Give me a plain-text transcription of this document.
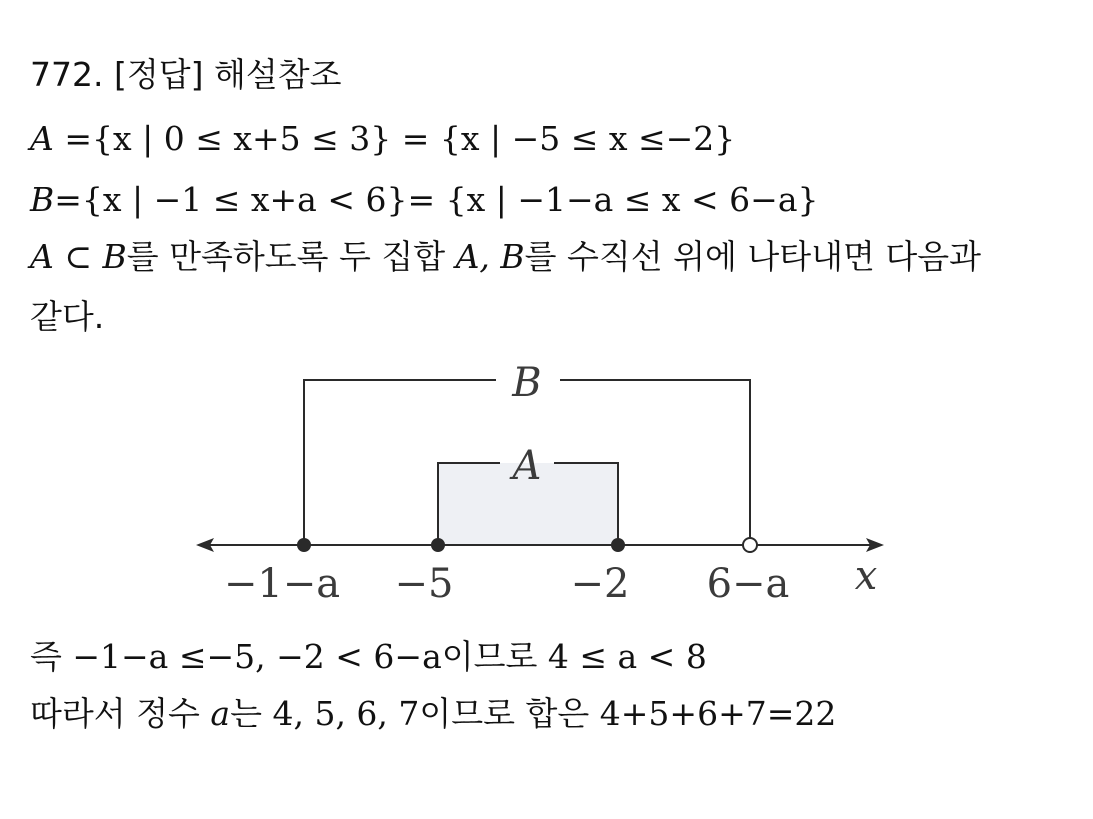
772. [정답] 해설참조
A ={x | 0 ≤ x+5 ≤ 3} = {x | −5 ≤ x ≤−2}
B={x | −1 ≤ x+a < 6}= {x | −1−a ≤ x < 6−a}
A ⊂ B를 만족하도록 두 집합 A, B를 수직선 위에 나타내면 다음과
같다.
B
A
−1−a −5	−2 6−a x
즉 −1−a ≤−5, −2 < 6−a이므로 4 ≤ a < 8
따라서 정수 a는 4, 5, 6, 7이므로 합은 4+5+6+7=22
